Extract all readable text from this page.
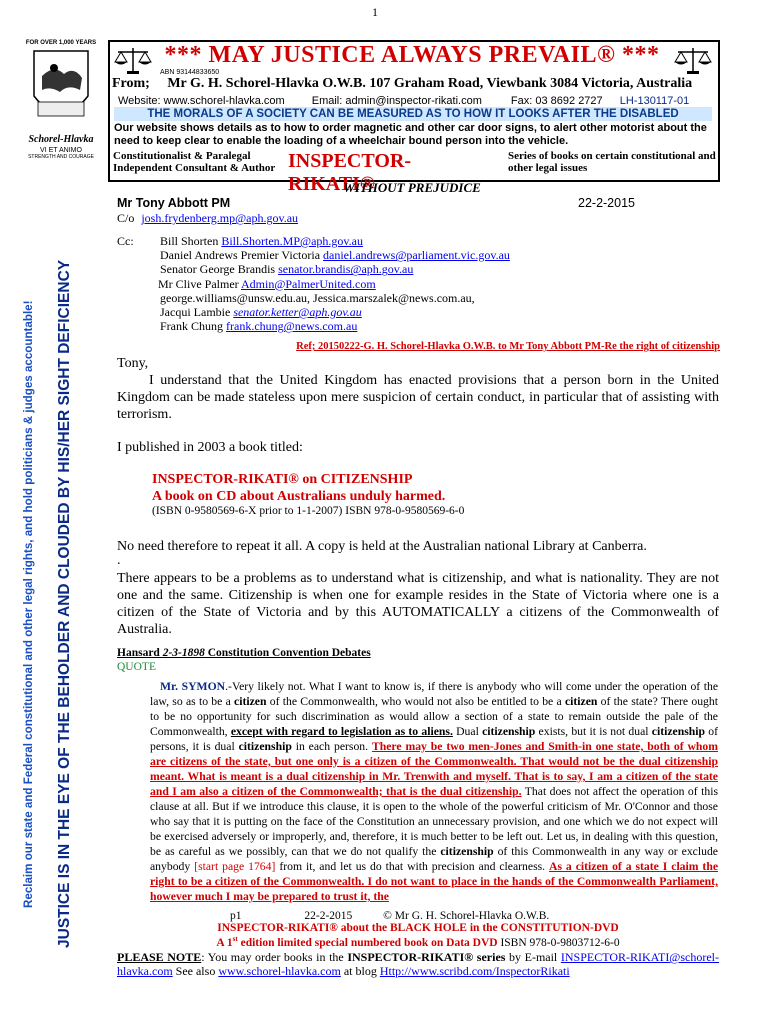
1
Reclaim our state and Federal constitutional and other legal rights, and hold politicians & judges accountable! JUSTICE IS IN THE EYE OF THE BEHOLDER AND CLOUDED BY HIS/HER SIGHT DEFICIENCY
FOR OVER 1,000 YEARS
Schorel-Hlavka
VI ET ANIMO
STRENGTH AND COURAGE
*** MAY JUSTICE ALWAYS PREVAIL® ***
ABN 93144833650
From; Mr G. H. Schorel-Hlavka O.W.B. 107 Graham Road, Viewbank 3084 Victoria, Australia
Website: www.schorel-hlavka.com Email: admin@inspector-rikati.com	Fax: 03 8692 2727 LH-130117-01
THE MORALS OF A SOCIETY CAN BE MEASURED AS TO HOW IT LOOKS AFTER THE DISABLED
Our website shows details as to how to order magnetic and other car door signs, to alert other motorist about the need to keep clear to enable the loading of a wheelchair bound person into the vehicle.
Constitutionalist & Paralegal Independent Consultant & Author INSPECTOR-RIKATI®
Series of books on certain constitutional and other legal issues
WITHOUT PREJUDICE
Mr Tony Abbott PM	22-2-2015
C/o josh.frydenberg.mp@aph.gov.au
Cc: Bill Shorten Bill.Shorten.MP@aph.gov.au
Daniel Andrews Premier Victoria daniel.andrews@parliament.vic.gov.au
Senator George Brandis senator.brandis@aph.gov.au
Mr Clive Palmer Admin@PalmerUnited.com
george.williams@unsw.edu.au, Jessica.marszalek@news.com.au,
Jacqui Lambie senator.ketter@aph.gov.au
Frank Chung frank.chung@news.com.au
Ref; 20150222-G. H. Schorel-Hlavka O.W.B. to Mr Tony Abbott PM-Re the right of citizenship
Tony,
I understand that the United Kingdom has enacted provisions that a person born in the United Kingdom can be made stateless upon mere suspicion of certain conduct, in particular that of assisting with terrorism.
I published in 2003 a book titled:
INSPECTOR-RIKATI® on CITIZENSHIP
A book on CD about Australians unduly harmed.
(ISBN 0-9580569-6-X prior to 1-1-2007) ISBN 978-0-9580569-6-0
No need therefore to repeat it all. A copy is held at the Australian national Library at Canberra.
.
There appears to be a problems as to understand what is citizenship, and what is nationality. They are not one and the same. Citizenship is when one for example resides in the State of Victoria where one is a citizen of the State of Victoria and by this AUTOMATICALLY a citizens of the Commonwealth of Australia.
Hansard 2-3-1898 Constitution Convention Debates
QUOTE
Mr. SYMON.-Very likely not. What I want to know is, if there is anybody who will come under the operation of the law, so as to be a citizen of the Commonwealth, who would not also be entitled to be a citizen of the state? There ought to be no opportunity for such discrimination as would allow a section of a state to remain outside the pale of the Commonwealth, except with regard to legislation as to aliens. Dual citizenship exists, but it is not dual citizenship of persons, it is dual citizenship in each person. There may be two men-Jones and Smith-in one state, both of whom are citizens of the state, but one only is a citizen of the Commonwealth. That would not be the dual citizenship meant. What is meant is a dual citizenship in Mr. Trenwith and myself. That is to say, I am a citizen of the state and I am also a citizen of the Commonwealth; that is the dual citizenship. That does not affect the operation of this clause at all. But if we introduce this clause, it is open to the whole of the powerful criticism of Mr. O'Connor and those who say that it is putting on the face of the Constitution an unnecessary provision, and one which we do not expect will be exercised adversely or improperly, and, therefore, it is much better to be left out. Let us, in dealing with this question, be as careful as we possibly, can that we do not qualify the citizenship of this Commonwealth in any way or exclude anybody [start page 1764] from it, and let us do that with precision and clearness. As a citizen of a state I claim the right to be a citizen of the Commonwealth. I do not want to place in the hands of the Commonwealth Parliament, however much I may be prepared to trust it, the
p1	22-2-2015	© Mr G. H. Schorel-Hlavka O.W.B.
INSPECTOR-RIKATI® about the BLACK HOLE in the CONSTITUTION-DVD
A 1st edition limited special numbered book on Data DVD ISBN 978-0-9803712-6-0
PLEASE NOTE: You may order books in the INSPECTOR-RIKATI® series by E-mail INSPECTOR-RIKATI@schorel-hlavka.com See also www.schorel-hlavka.com at blog Http://www.scribd.com/InspectorRikati
